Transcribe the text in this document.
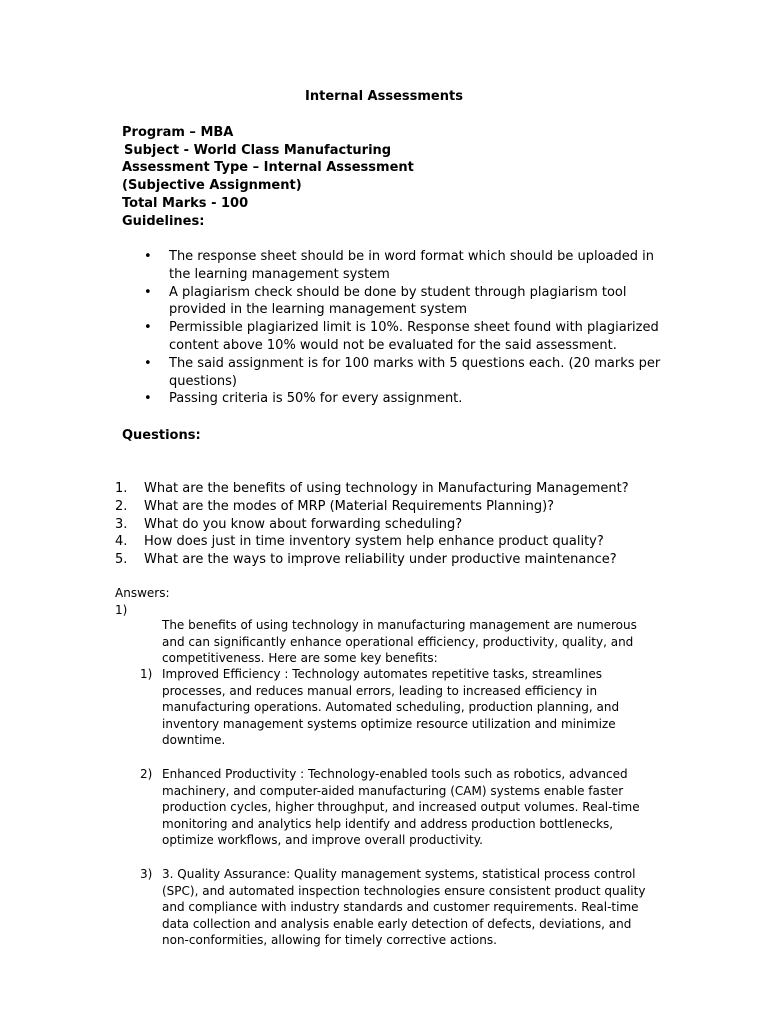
Internal Assessments
Program – MBA
Subject - World Class Manufacturing
Assessment Type – Internal Assessment (Subjective Assignment)
Total Marks - 100
Guidelines:
• The response sheet should be in word format which should be uploaded in the learning management system
• A plagiarism check should be done by student through plagiarism tool provided in the learning management system
• Permissible plagiarized limit is 10%. Response sheet found with plagiarized content above 10% would not be evaluated for the said assessment.
• The said assignment is for 100 marks with 5 questions each. (20 marks per questions)
• Passing criteria is 50% for every assignment.
Questions:
1. What are the benefits of using technology in Manufacturing Management?
2. What are the modes of MRP (Material Requirements Planning)?
3. What do you know about forwarding scheduling?
4. How does just in time inventory system help enhance product quality?
5. What are the ways to improve reliability under productive maintenance?
Answers:
1)
The benefits of using technology in manufacturing management are numerous and can significantly enhance operational efficiency, productivity, quality, and competitiveness. Here are some key benefits:
1) Improved Efficiency : Technology automates repetitive tasks, streamlines processes, and reduces manual errors, leading to increased efficiency in manufacturing operations. Automated scheduling, production planning, and inventory management systems optimize resource utilization and minimize downtime.
2) Enhanced Productivity : Technology-enabled tools such as robotics, advanced machinery, and computer-aided manufacturing (CAM) systems enable faster production cycles, higher throughput, and increased output volumes. Real-time monitoring and analytics help identify and address production bottlenecks, optimize workflows, and improve overall productivity.
3) 3. Quality Assurance: Quality management systems, statistical process control (SPC), and automated inspection technologies ensure consistent product quality and compliance with industry standards and customer requirements. Real-time data collection and analysis enable early detection of defects, deviations, and non-conformities, allowing for timely corrective actions.
